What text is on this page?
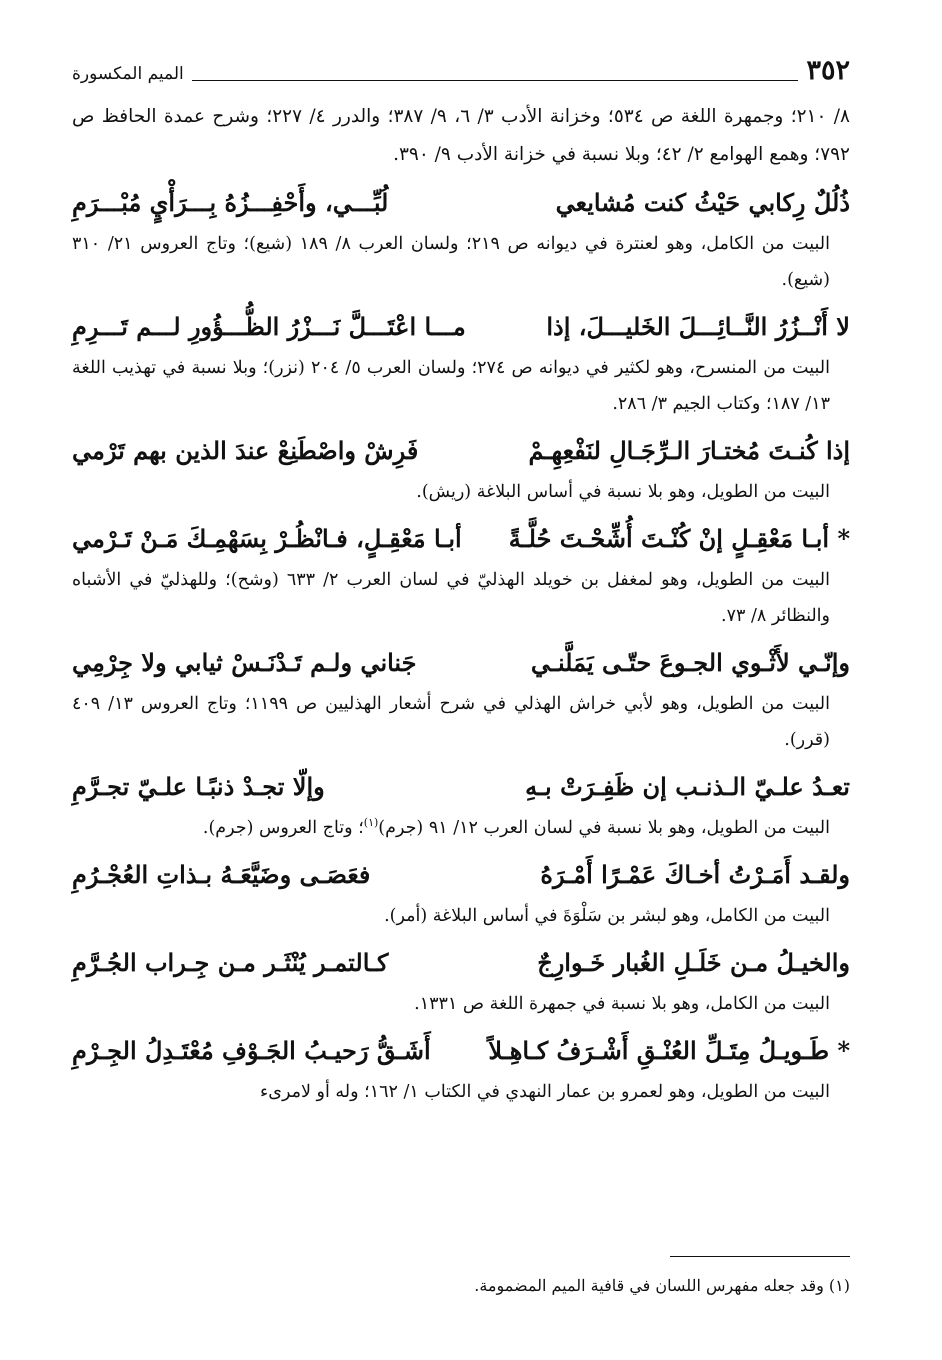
٣٥٢
الميم المكسورة
٨/ ٢١٠؛ وجمهرة اللغة ص ٥٣٤؛ وخزانة الأدب ٣/ ٦، ٩/ ٣٨٧؛ والدرر ٤/ ٢٢٧؛ وشرح عمدة الحافظ ص ٧٩٢؛ وهمع الهوامع ٢/ ٤٢؛ وبلا نسبة في خزانة الأدب ٩/ ٣٩٠.
ذُلُلٌ رِكابي حَيْثُ كنت مُشايعي
لُبِّـــي، وأَحْفِـــزُهُ بِـــرَأْيٍ مُبْـــرَمِ
البيت من الكامل، وهو لعنترة في ديوانه ص ٢١٩؛ ولسان العرب ٨/ ١٨٩ (شيع)؛ وتاج العروس ٢١/ ٣١٠ (شيع).
لا أَنْــزُرُ النَّــائِـــلَ الخَليـــلَ، إذا
مـــا اعْتَـــلَّ نَـــزْرُ الظُّـــؤُورِ لـــم تَـــرِمِ
البيت من المنسرح، وهو لكثير في ديوانه ص ٢٧٤؛ ولسان العرب ٥/ ٢٠٤ (نزر)؛ وبلا نسبة في تهذيب اللغة ١٣/ ١٨٧؛ وكتاب الجيم ٣/ ٢٨٦.
إذا كُنـتَ مُختـارَ الـرِّجَـالِ لنَفْعِهِـمْ
فَرِشْ واصْطَنِعْ عندَ الذين بهم تَرْمي
البيت من الطويل، وهو بلا نسبة في أساس البلاغة (ريش).
* أبـا مَعْقِـلٍ إنْ كُنْـتَ أُشِّحْـتَ حُلَّـةً
أبـا مَعْقِـلٍ، فـانْظُـرْ بِسَهْمِـكَ مَـنْ تَـرْمي
البيت من الطويل، وهو لمغفل بن خويلد الهذليّ في لسان العرب ٢/ ٦٣٣ (وشح)؛ وللهذليّ في الأشباه والنظائر ٨/ ٧٣.
وإنّـي لأَثْـوي الجـوعَ حتّـى يَمَلَّنـي
جَناني ولـم تَـدْنَـسْ ثيابي ولا جِرْمِي
البيت من الطويل، وهو لأبي خراش الهذلي في شرح أشعار الهذليين ص ١١٩٩؛ وتاج العروس ١٣/ ٤٠٩ (قرر).
تعـدُ علـيّ الـذنـب إن ظَفِـرَتْ بـهِ
وإلّا تجـدْ ذنبًـا علـيّ تجـرَّمِ
البيت من الطويل، وهو بلا نسبة في لسان العرب ١٢/ ٩١ (جرم)$^{(١)}$؛ وتاج العروس (جرم).
ولقـد أَمَـرْتُ أخـاكَ عَمْـرًا أَمْـرَهُ
فعَصَـى وضَيَّعَـهُ بـذاتِ العُجْـرُمِ
البيت من الكامل، وهو لبشر بن سَلْوَةَ في أساس البلاغة (أمر).
والخيـلُ مـن خَلَـلِ الغُبار خَـوارِجٌ
كـالتمـر يُنْثَـر مـن جِـراب الجُـرَّمِ
البيت من الكامل، وهو بلا نسبة في جمهرة اللغة ص ١٣٣١.
* طَـويـلُ مِتَـلِّ العُنْـقِ أَشْـرَفُ كـاهِـلاً
أَشَـقُّ رَحيـبُ الجَـوْفِ مُعْتَـدِلُ الجِـرْمِ
البيت من الطويل، وهو لعمرو بن عمار النهدي في الكتاب ١/ ١٦٢؛ وله أو لامرىء
(١) وقد جعله مفهرس اللسان في قافية الميم المضمومة.
